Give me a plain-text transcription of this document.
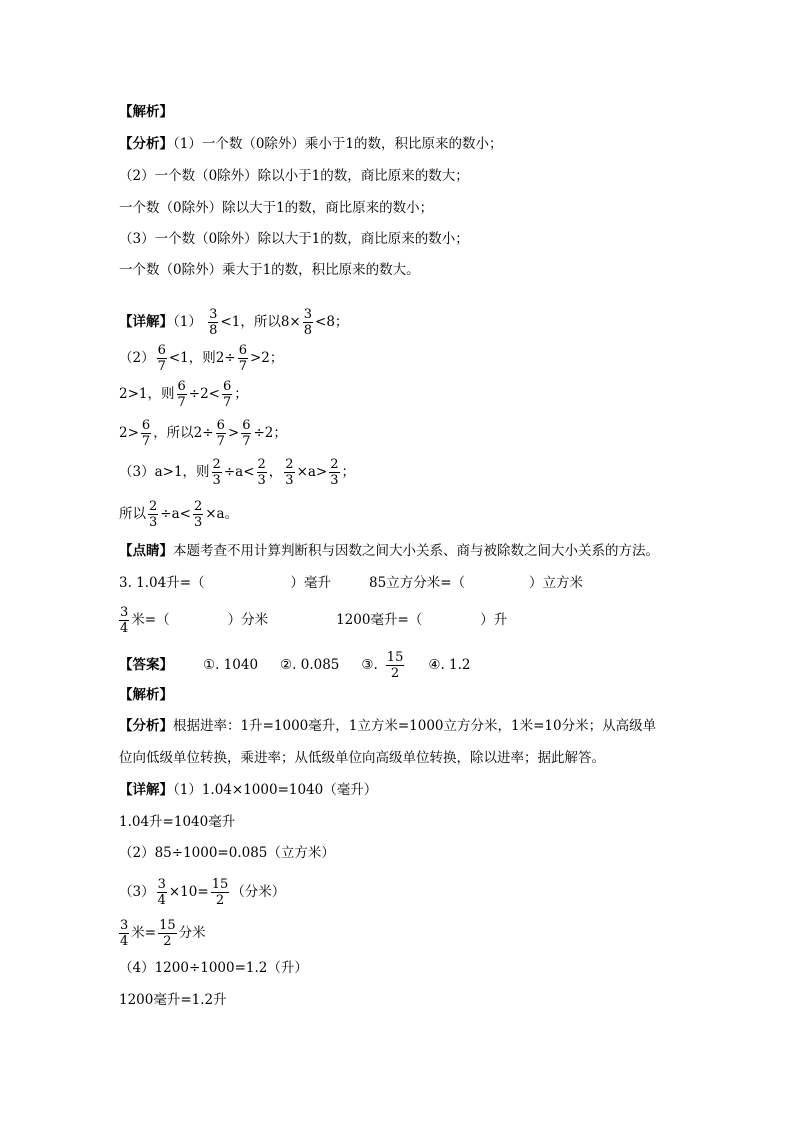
【解析】
【分析】（1）一个数（0除外）乘小于1的数，积比原来的数小；
（2）一个数（0除外）除以小于1的数，商比原来的数大；
一个数（0除外）除以大于1的数，商比原来的数小；
（3）一个数（0除外）除以大于1的数，商比原来的数小；
一个数（0除外）乘大于1的数，积比原来的数大。
【详解】$(1) \frac{3}{8} <1$，所以$8\times \frac{3}{8} <8$；
$(2) \frac{6}{7} <1$，则$2\div \frac{6}{7} >2$；
2>1，则 $\frac{6}{7} \div 2< \frac{6}{7}$ ；
$2> \frac{6}{7}$ ，所以$2\div \frac{6}{7} > \frac{6}{7} \div 2$；
（3）a>1，则 $\frac{2}{3} \div a< \frac{2}{3}$ ， $\frac{2}{3} \times a> \frac{2}{3}$ ；
所以 $\frac{2}{3} \div a< \frac{2}{3} \times a$。
【点睛】本题考查不用计算判断积与因数之间大小关系、商与被除数之间大小关系的方法。
3. 1.04升=（	）毫升	85立方分米=（	）立方米
$\frac{3}{4}$ 米=（	）分米	1200毫升=（	）升
【答案】 ①. 1040 ②. 0.085 ③. $\frac{15}{2}$ ④. 1.2
【解析】
【分析】根据进率：1升=1000毫升，1立方米=1000立方分米，1米=10分米；从高级单
位向低级单位转换，乘进率；从低级单位向高级单位转换，除以进率；据此解答。
【详解】（1）1.04×1000=1040（毫升）
1.04升=1040毫升
（2）85÷1000=0.085（立方米）
$(3) \frac{3}{4} \times 10= \frac{15}{2}$ （分米）
$\frac{3}{4}$ 米= $\frac{15}{2}$ 分米
（4）1200÷1000=1.2（升）
1200毫升=1.2升
